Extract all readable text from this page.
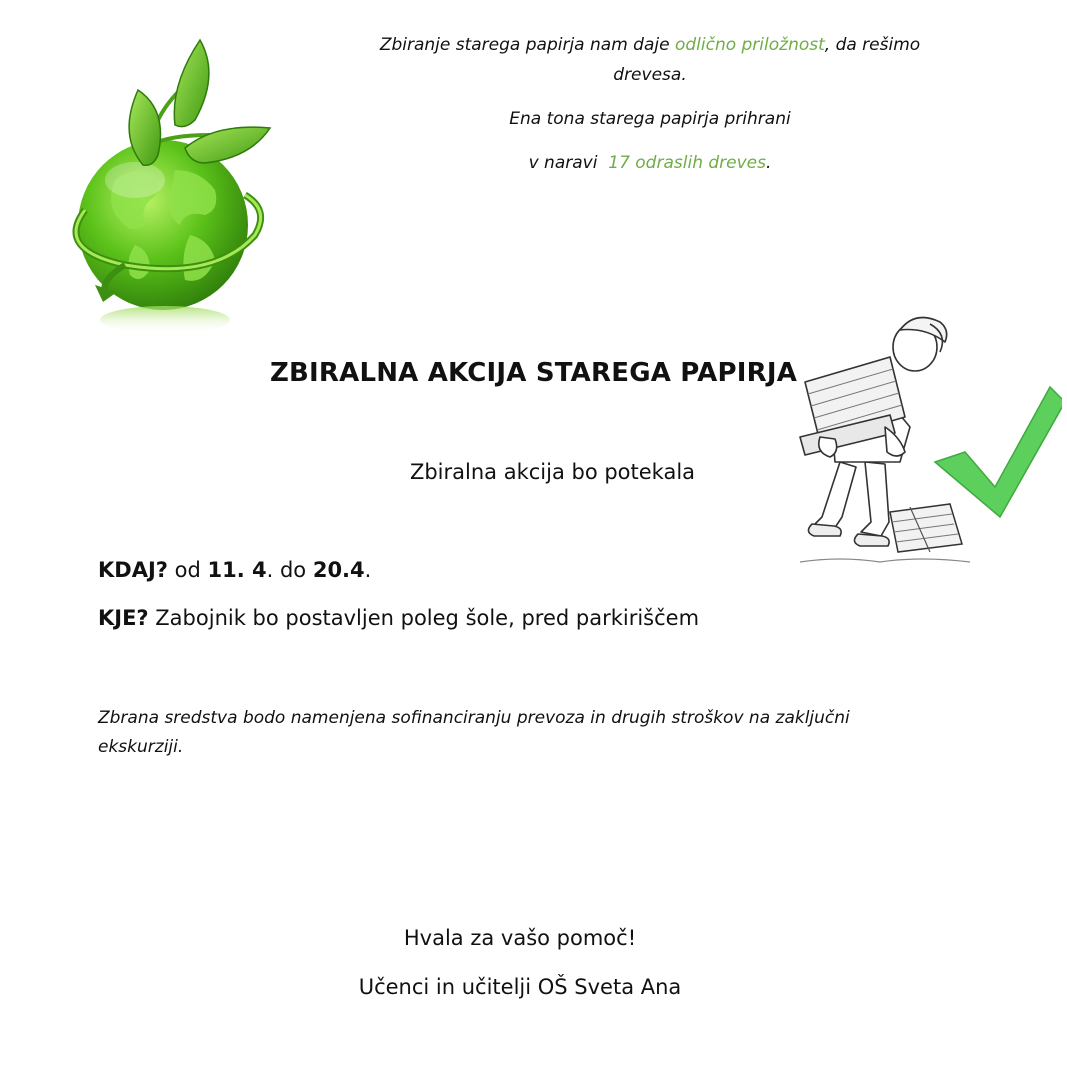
Zbiranje starega papirja nam daje odlično priložnost, da rešimo drevesa.

Ena tona starega papirja prihrani

v naravi  17 odraslih dreves.

ZBIRALNA AKCIJA STAREGA PAPIRJA
Zbiralna akcija bo potekala
KDAJ? od 11. 4. do 20.4.
KJE? Zabojnik bo postavljen poleg šole, pred parkiriščem
Zbrana sredstva bodo namenjena sofinanciranju prevoza in drugih stroškov na zaključni ekskurziji.
Hvala za vašo pomoč!
Učenci in učitelji OŠ Sveta Ana
